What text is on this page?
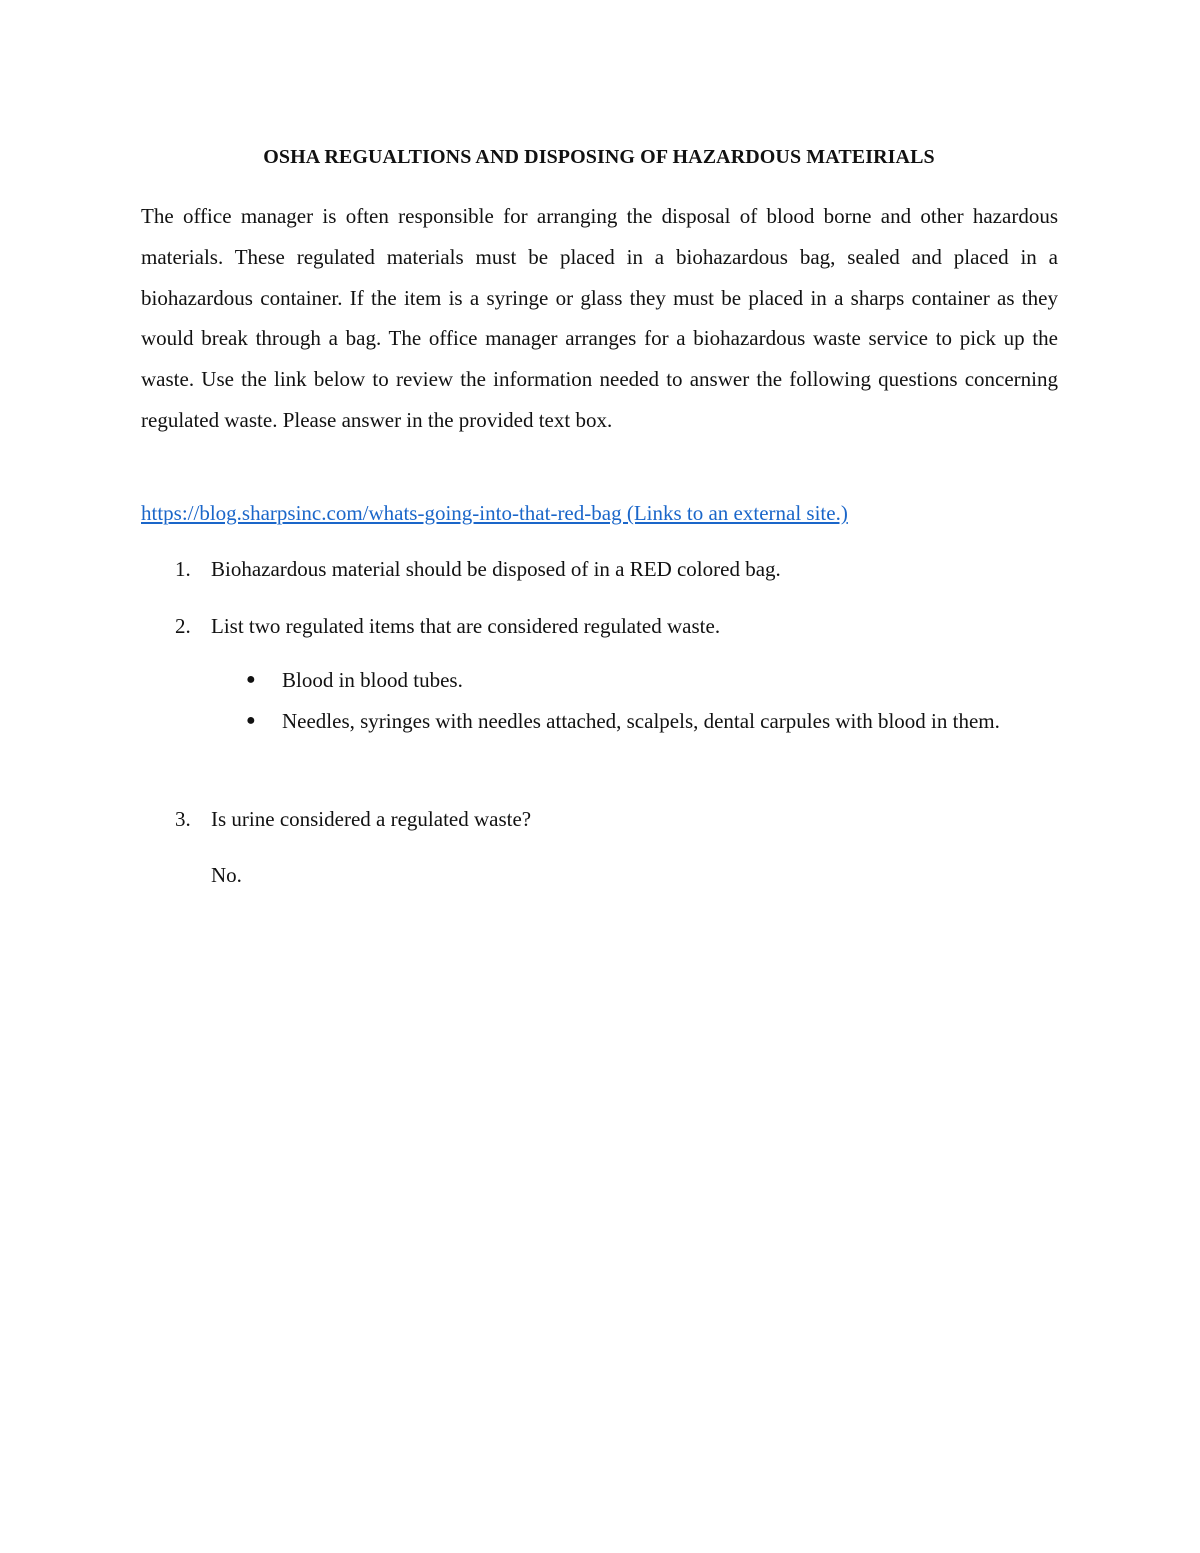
OSHA REGUALTIONS AND DISPOSING OF HAZARDOUS MATEIRIALS

The office manager is often responsible for arranging the disposal of blood borne and other hazardous materials. These regulated materials must be placed in a biohazardous bag, sealed and placed in a biohazardous container. If the item is a syringe or glass they must be placed in a sharps container as they would break through a bag. The office manager arranges for a biohazardous waste service to pick up the waste. Use the link below to review the information needed to answer the following questions concerning regulated waste. Please answer in the provided text box.

https://blog.sharpsinc.com/whats-going-into-that-red-bag (Links to an external site.)
1. Biohazardous material should be disposed of in a RED colored bag.
2. List two regulated items that are considered regulated waste.
● Blood in blood tubes.
● Needles, syringes with needles attached, scalpels, dental carpules with blood in them.
3. Is urine considered a regulated waste?
No.
